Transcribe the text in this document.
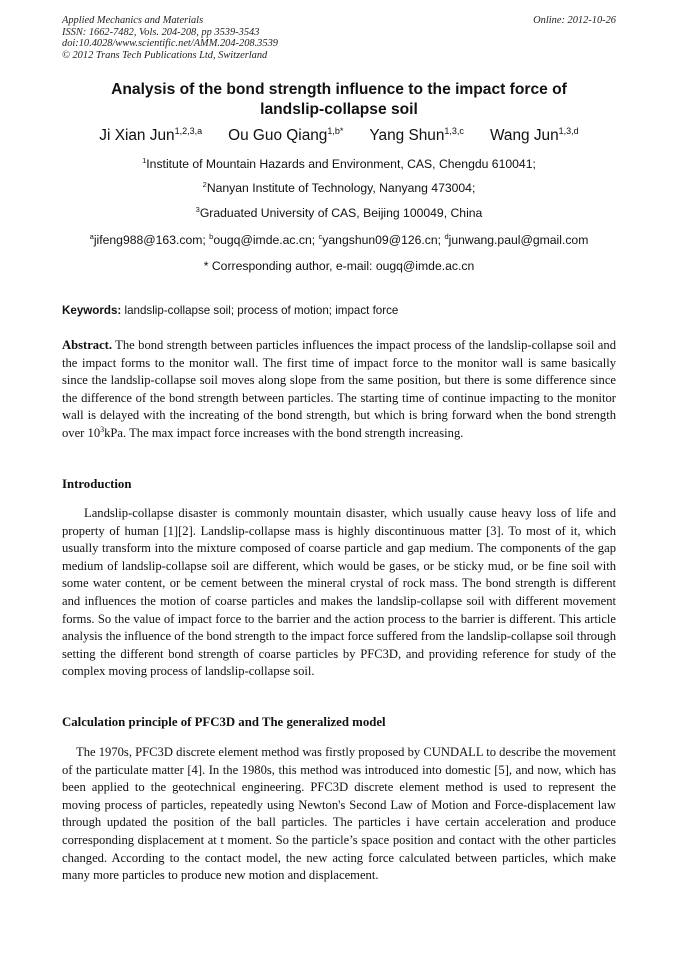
Applied Mechanics and Materials
ISSN: 1662-7482, Vols. 204-208, pp 3539-3543
doi:10.4028/www.scientific.net/AMM.204-208.3539
© 2012 Trans Tech Publications Ltd, Switzerland
Online: 2012-10-26
Analysis of the bond strength influence to the impact force of
landslip-collapse soil
Ji Xian Jun$^{1,2,3,a}$ Ou Guo Qiang$^{1,b*}$ Yang Shun$^{1,3,c}$ Wang Jun$^{1,3,d}$
$^1$Institute of Mountain Hazards and Environment, CAS, Chengdu 610041;
$^2$Nanyan Institute of Technology, Nanyang 473004;
$^3$Graduated University of CAS, Beijing 100049, China
$^a$jifeng988@163.com; $^b$ougq@imde.ac.cn; $^c$yangshun09@126.cn; $^d$junwang.paul@gmail.com
* Corresponding author, e-mail: ougq@imde.ac.cn
Keywords: landslip-collapse soil; process of motion; impact force

Abstract. The bond strength between particles influences the impact process of the landslip-collapse soil and the impact forms to the monitor wall. The first time of impact force to the monitor wall is same basically since the landslip-collapse soil moves along slope from the same position, but there is some difference since the difference of the bond strength between particles. The starting time of continue impacting to the monitor wall is delayed with the increating of the bond strength, but which is bring forward when the bond strength over $10^3kPa$. The max impact force increases with the bond strength increasing.

Introduction

Landslip-collapse disaster is commonly mountain disaster, which usually cause heavy loss of life and property of human [1][2]. Landslip-collapse mass is highly discontinuous matter [3]. To most of it, which usually transform into the mixture composed of coarse particle and gap medium. The components of the gap medium of landslip-collapse soil are different, which would be gases, or be sticky mud, or be fine soil with some water content, or be cement between the mineral crystal of rock mass. The bond strength is different and influences the motion of coarse particles and makes the landslip-collapse soil with different movement forms. So the value of impact force to the barrier and the action process to the barrier is different. This article analysis the influence of the bond strength to the impact force suffered from the landslip-collapse soil through setting the different bond strength of coarse particles by PFC3D, and providing reference for study of the complex moving process of landslip-collapse soil.

Calculation principle of PFC3D and The generalized model

The 1970s, PFC3D discrete element method was firstly proposed by CUNDALL to describe the movement of the particulate matter [4]. In the 1980s, this method was introduced into domestic [5], and now, which has been applied to the geotechnical engineering. PFC3D discrete element method is used to represent the moving process of particles, repeatedly using Newton's Second Law of Motion and Force-displacement law through updated the position of the ball particles. The particles i have certain acceleration and produce corresponding displacement at t moment. So the particle’s space position and contact with the other particles changed. According to the contact model, the new acting force calculated between particles, which make many more particles to produce new motion and displacement.
